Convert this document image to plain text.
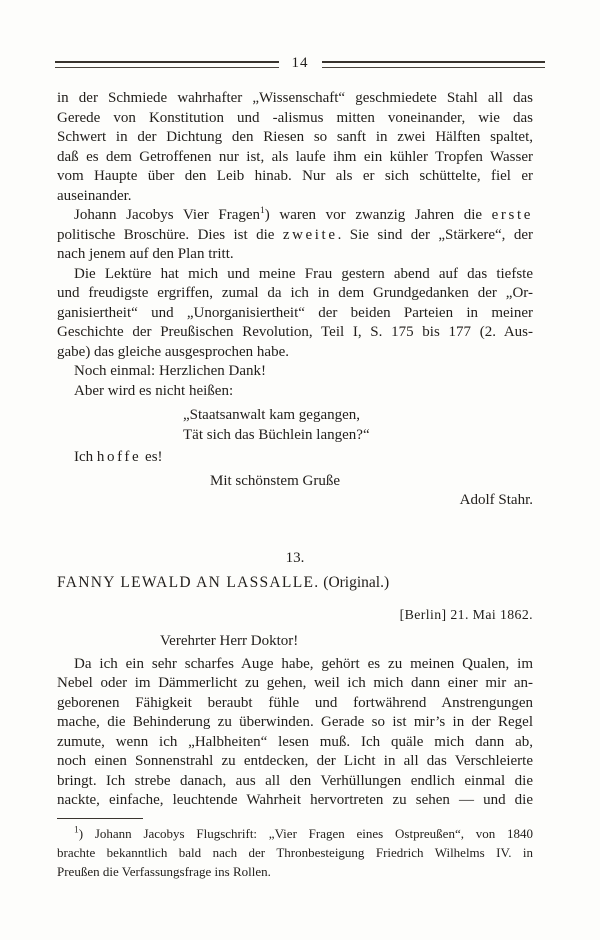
14
in der Schmiede wahrhafter „Wissenschaft“ geschmiedete Stahl all das
Gerede von Konstitution und -alismus mitten voneinander, wie das
Schwert in der Dichtung den Riesen so sanft in zwei Hälften spaltet,
daß es dem Getroffenen nur ist, als laufe ihm ein kühler Tropfen Wasser
vom Haupte über den Leib hinab. Nur als er sich schüttelte, fiel er
auseinander.
Johann Jacobys Vier Fragen$^1$) waren vor zwanzig Jahren die erste
politische Broschüre. Dies ist die zweite. Sie sind der „Stärkere“, der
nach jenem auf den Plan tritt.
Die Lektüre hat mich und meine Frau gestern abend auf das tiefste
und freudigste ergriffen, zumal da ich in dem Grundgedanken der „Or-
ganisiertheit“ und „Unorganisiertheit“ der beiden Parteien in meiner
Geschichte der Preußischen Revolution, Teil I, S. 175 bis 177 (2. Aus-
gabe) das gleiche ausgesprochen habe.
Noch einmal: Herzlichen Dank!
Aber wird es nicht heißen:
„Staatsanwalt kam gegangen,
Tät sich das Büchlein langen?“
Ich hoffe es!
Mit schönstem Gruße
Adolf Stahr.
13.
FANNY LEWALD AN LASSALLE. (Original.)
[Berlin] 21. Mai 1862.
Verehrter Herr Doktor!
Da ich ein sehr scharfes Auge habe, gehört es zu meinen Qualen, im
Nebel oder im Dämmerlicht zu gehen, weil ich mich dann einer mir an-
geborenen Fähigkeit beraubt fühle und fortwährend Anstrengungen
mache, die Behinderung zu überwinden. Gerade so ist mir’s in der Regel
zumute, wenn ich „Halbheiten“ lesen muß. Ich quäle mich dann ab,
noch einen Sonnenstrahl zu entdecken, der Licht in all das Verschleierte
bringt. Ich strebe danach, aus all den Verhüllungen endlich einmal die
nackte, einfache, leuchtende Wahrheit hervortreten zu sehen — und die
$^1$) Johann Jacobys Flugschrift: „Vier Fragen eines Ostpreußen“, von 1840
brachte bekanntlich bald nach der Thronbesteigung Friedrich Wilhelms IV. in
Preußen die Verfassungsfrage ins Rollen.
